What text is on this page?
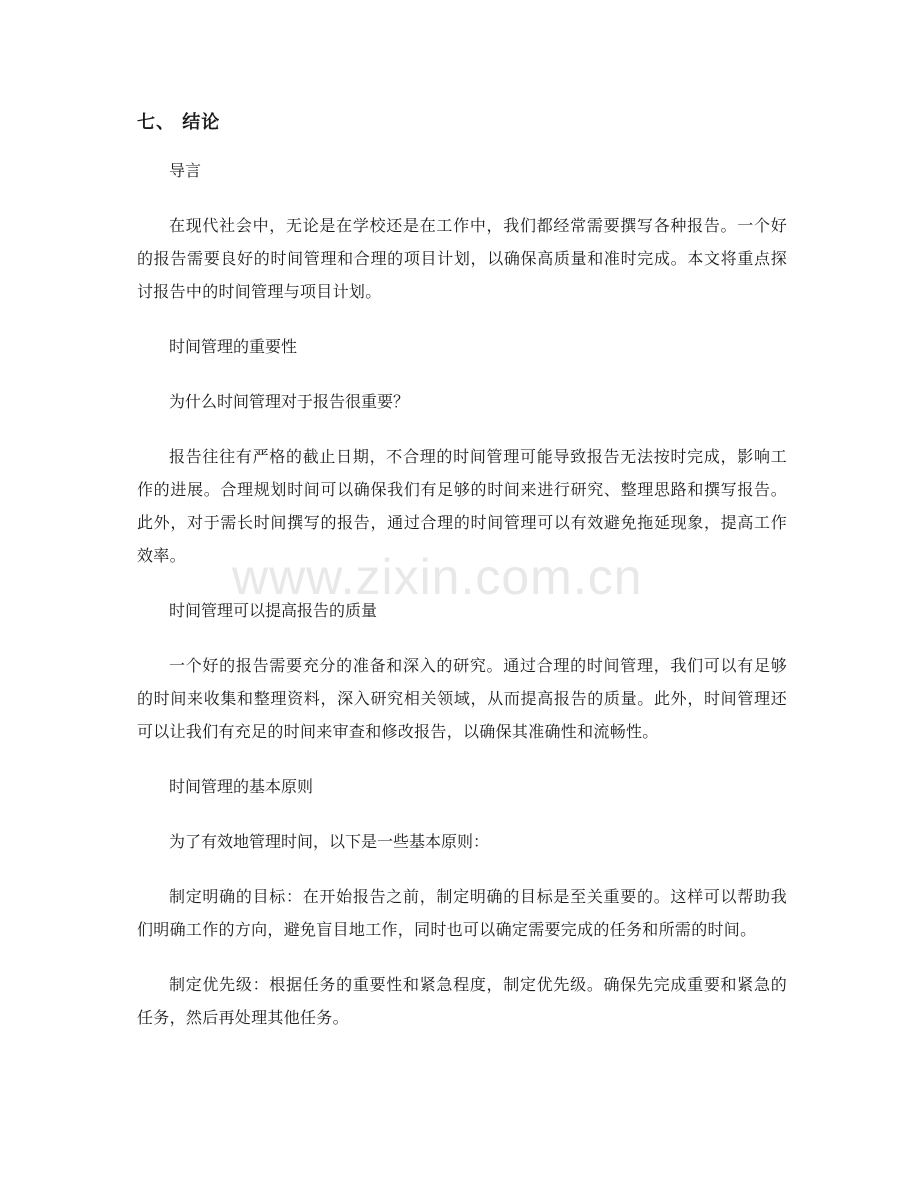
七、 结论

导言

在现代社会中，无论是在学校还是在工作中，我们都经常需要撰写各种报告。一个好的报告需要良好的时间管理和合理的项目计划，以确保高质量和准时完成。本文将重点探讨报告中的时间管理与项目计划。

时间管理的重要性

为什么时间管理对于报告很重要？

报告往往有严格的截止日期，不合理的时间管理可能导致报告无法按时完成，影响工作的进展。合理规划时间可以确保我们有足够的时间来进行研究、整理思路和撰写报告。此外，对于需长时间撰写的报告，通过合理的时间管理可以有效避免拖延现象，提高工作效率。

时间管理可以提高报告的质量

一个好的报告需要充分的准备和深入的研究。通过合理的时间管理，我们可以有足够的时间来收集和整理资料，深入研究相关领域，从而提高报告的质量。此外，时间管理还可以让我们有充足的时间来审查和修改报告，以确保其准确性和流畅性。

时间管理的基本原则

为了有效地管理时间，以下是一些基本原则：

制定明确的目标：在开始报告之前，制定明确的目标是至关重要的。这样可以帮助我们明确工作的方向，避免盲目地工作，同时也可以确定需要完成的任务和所需的时间。

制定优先级：根据任务的重要性和紧急程度，制定优先级。确保先完成重要和紧急的任务，然后再处理其他任务。

www.zixin.com.cn
